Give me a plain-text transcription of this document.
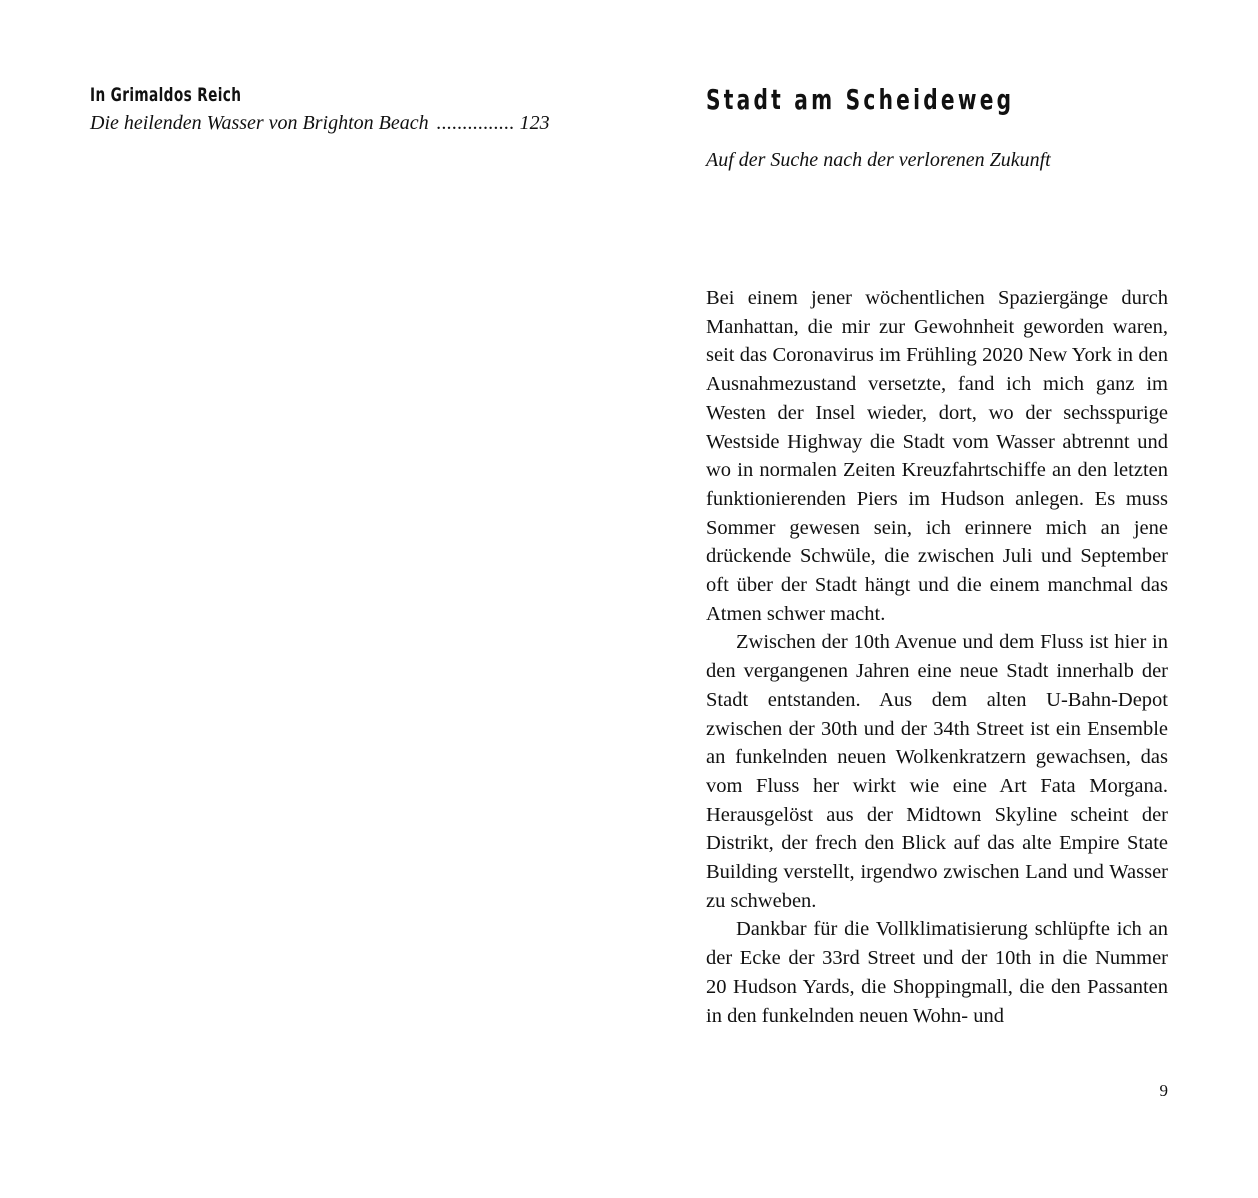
In Grimaldos Reich
Die heilenden Wasser von Brighton Beach ............... 123
Stadt am Scheideweg
Auf der Suche nach der verlorenen Zukunft

Bei einem jener wöchentlichen Spaziergänge durch Manhattan, die mir zur Gewohnheit geworden waren, seit das Coronavirus im Frühling 2020 New York in den Ausnahmezustand versetzte, fand ich mich ganz im Westen der Insel wieder, dort, wo der sechsspurige Westside Highway die Stadt vom Wasser abtrennt und wo in normalen Zeiten Kreuzfahrtschiffe an den letzten funktionierenden Piers im Hudson anlegen. Es muss Sommer gewesen sein, ich erinnere mich an jene drückende Schwüle, die zwischen Juli und September oft über der Stadt hängt und die einem manchmal das Atmen schwer macht.

Zwischen der 10th Avenue und dem Fluss ist hier in den vergangenen Jahren eine neue Stadt innerhalb der Stadt entstanden. Aus dem alten U-Bahn-Depot zwischen der 30th und der 34th Street ist ein Ensemble an funkelnden neuen Wolkenkratzern gewachsen, das vom Fluss her wirkt wie eine Art Fata Morgana. Herausgelöst aus der Midtown Skyline scheint der Distrikt, der frech den Blick auf das alte Empire State Building verstellt, irgendwo zwischen Land und Wasser zu schweben.

Dankbar für die Vollklimatisierung schlüpfte ich an der Ecke der 33rd Street und der 10th in die Nummer 20 Hudson Yards, die Shoppingmall, die den Passanten in den funkelnden neuen Wohn- und

9
